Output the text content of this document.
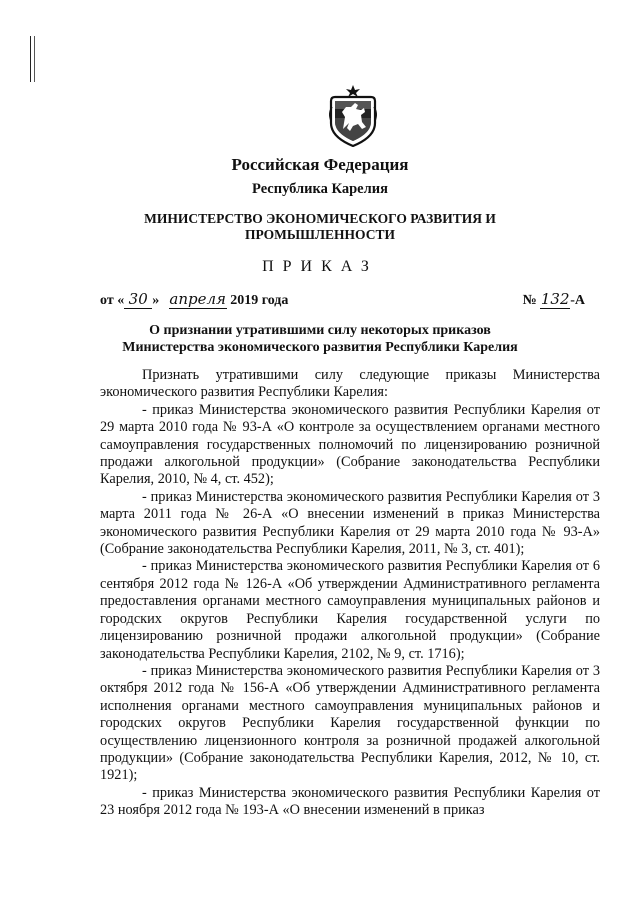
Российская Федерация
Республика Карелия
МИНИСТЕРСТВО ЭКОНОМИЧЕСКОГО РАЗВИТИЯ И
ПРОМЫШЛЕННОСТИ
ПРИКАЗ
от « 30 » апреля 2019 года	№ 132-А
О признании утратившими силу некоторых приказов
Министерства экономического развития Республики Карелия

Признать утратившими силу следующие приказы Министерства экономического развития Республики Карелия:

- приказ Министерства экономического развития Республики Карелия от 29 марта 2010 года № 93-А «О контроле за осуществлением органами местного самоуправления государственных полномочий по лицензированию розничной продажи алкогольной продукции» (Собрание законодательства Республики Карелия, 2010, № 4, ст. 452);

- приказ Министерства экономического развития Республики Карелия от 3 марта 2011 года № 26-А «О внесении изменений в приказ Министерства экономического развития Республики Карелия от 29 марта 2010 года № 93-А» (Собрание законодательства Республики Карелия, 2011, № 3, ст. 401);

- приказ Министерства экономического развития Республики Карелия от 6 сентября 2012 года № 126-А «Об утверждении Административного регламента предоставления органами местного самоуправления муниципальных районов и городских округов Республики Карелия государственной услуги по лицензированию розничной продажи алкогольной продукции» (Собрание законодательства Республики Карелия, 2102, № 9, ст. 1716);

- приказ Министерства экономического развития Республики Карелия от 3 октября 2012 года № 156-А «Об утверждении Административного регламента исполнения органами местного самоуправления муниципальных районов и городских округов Республики Карелия государственной функции по осуществлению лицензионного контроля за розничной продажей алкогольной продукции» (Собрание законодательства Республики Карелия, 2012, № 10, ст. 1921);

- приказ Министерства экономического развития Республики Карелия от 23 ноября 2012 года № 193-А «О внесении изменений в приказ
